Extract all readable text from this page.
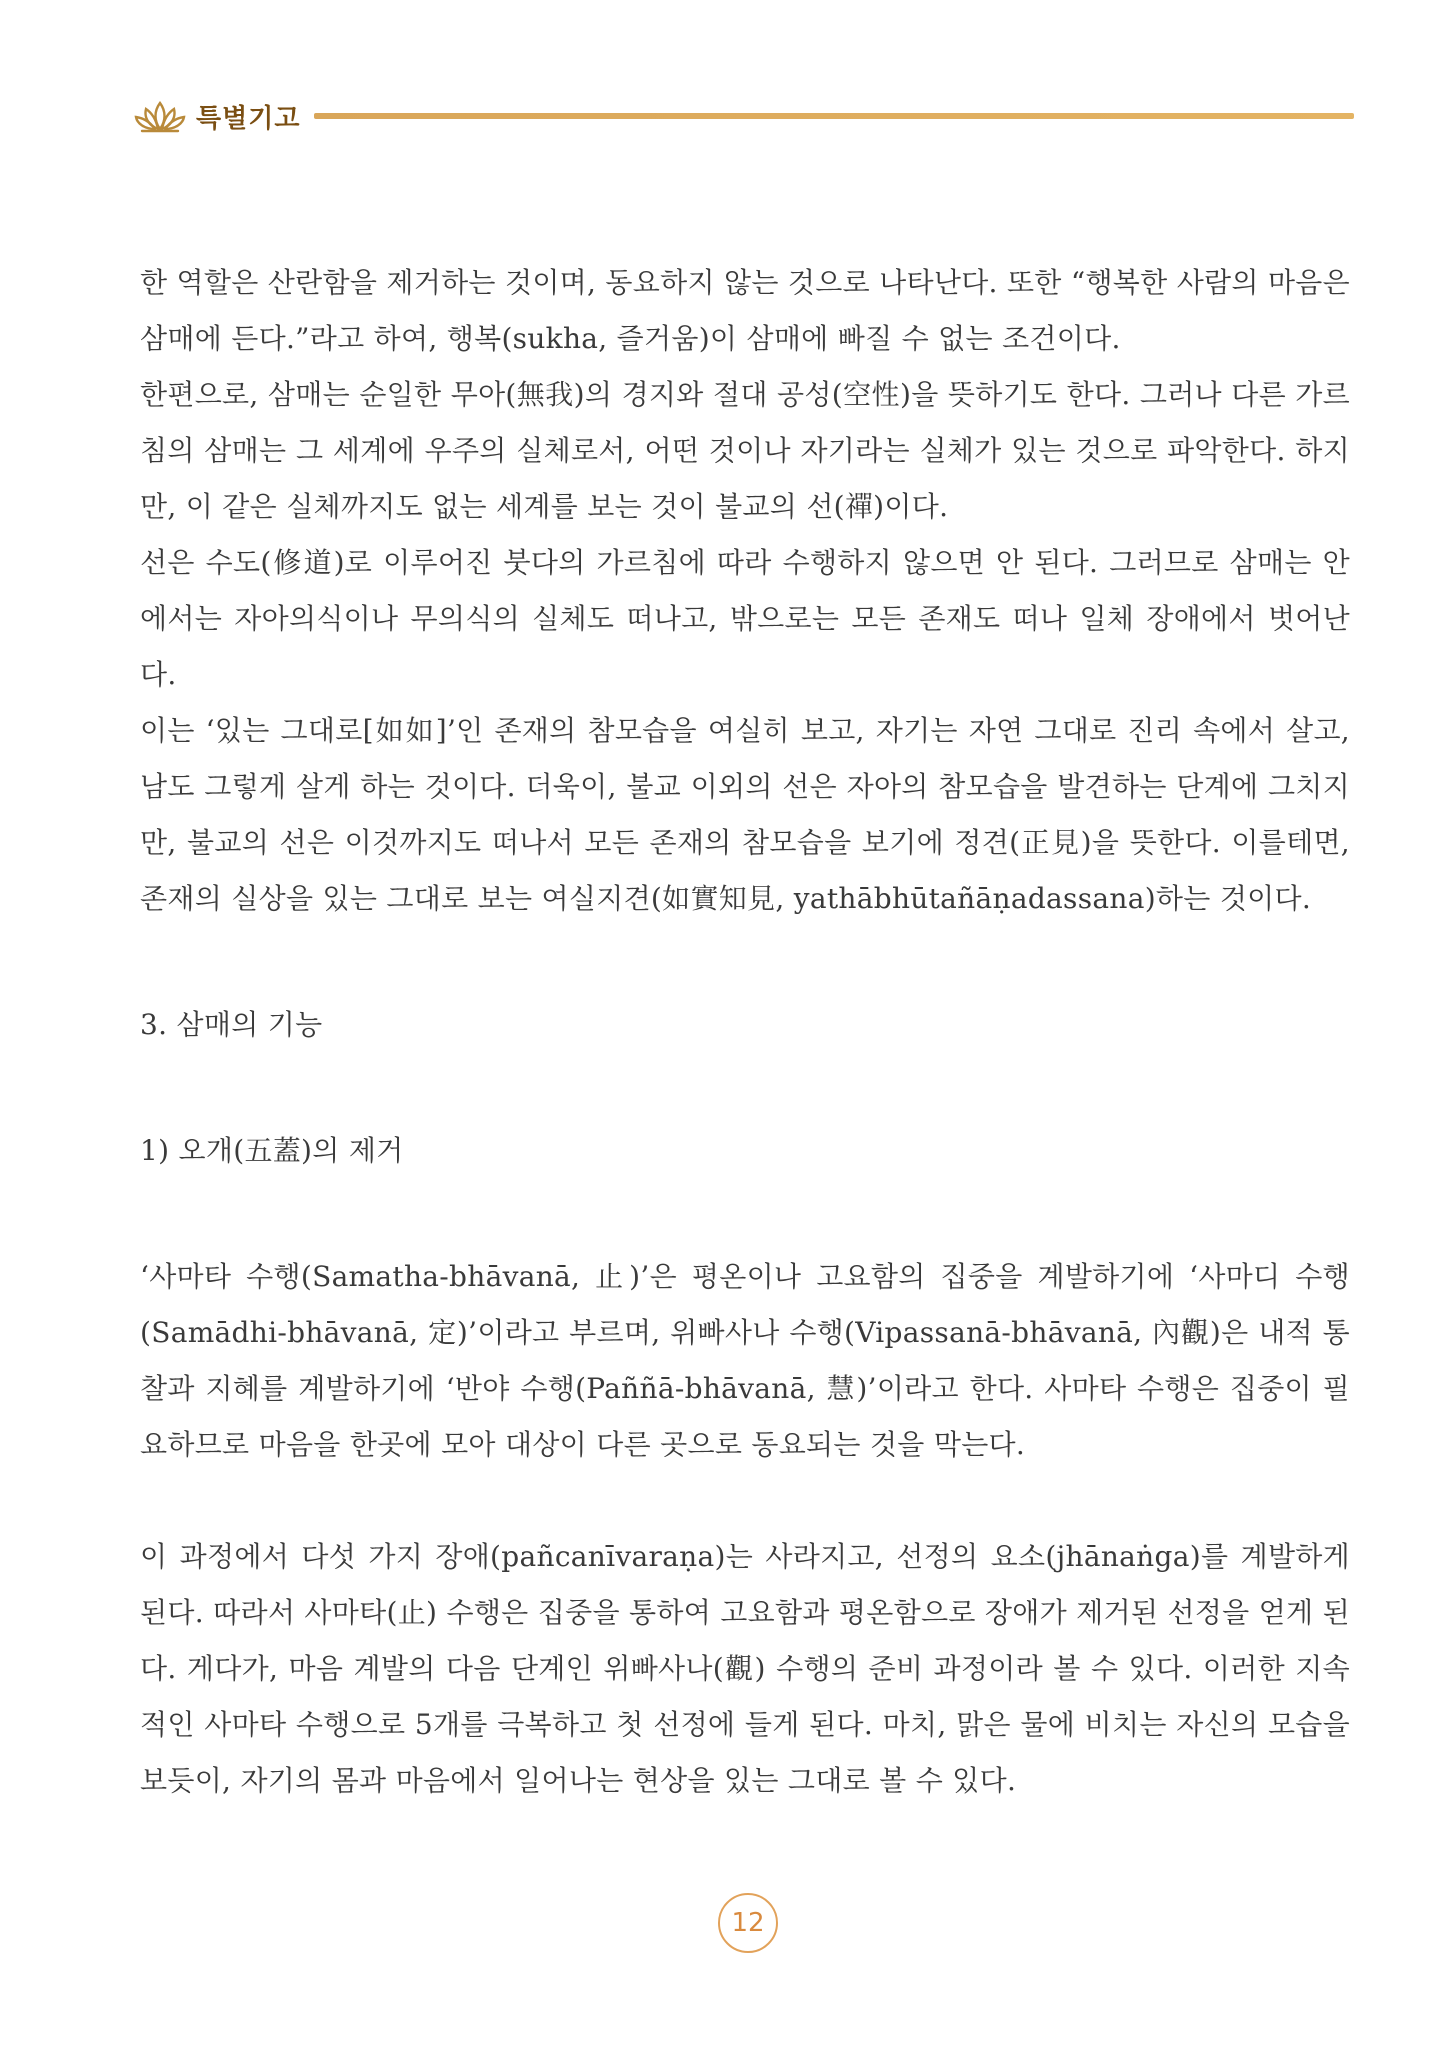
특별기고

한 역할은 산란함을 제거하는 것이며, 동요하지 않는 것으로 나타난다. 또한 “행복한 사람의 마음은 삼매에 든다.”라고 하여, 행복(sukha, 즐거움)이 삼매에 빠질 수 없는 조건이다.

한편으로, 삼매는 순일한 무아(無我)의 경지와 절대 공성(空性)을 뜻하기도 한다. 그러나 다른 가르침의 삼매는 그 세계에 우주의 실체로서, 어떤 것이나 자기라는 실체가 있는 것으로 파악한다. 하지만, 이 같은 실체까지도 없는 세계를 보는 것이 불교의 선(禪)이다.

선은 수도(修道)로 이루어진 붓다의 가르침에 따라 수행하지 않으면 안 된다. 그러므로 삼매는 안에서는 자아의식이나 무의식의 실체도 떠나고, 밖으로는 모든 존재도 떠나 일체 장애에서 벗어난다.

이는 ‘있는 그대로[如如]’인 존재의 참모습을 여실히 보고, 자기는 자연 그대로 진리 속에서 살고, 남도 그렇게 살게 하는 것이다. 더욱이, 불교 이외의 선은 자아의 참모습을 발견하는 단계에 그치지만, 불교의 선은 이것까지도 떠나서 모든 존재의 참모습을 보기에 정견(正見)을 뜻한다. 이를테면, 존재의 실상을 있는 그대로 보는 여실지견(如實知見, yathābhūtañāṇadassana)하는 것이다.

3. 삼매의 기능

1) 오개(五蓋)의 제거

‘사마타 수행(Samatha-bhāvanā, 止)’은 평온이나 고요함의 집중을 계발하기에 ‘사마디 수행(Samādhi-bhāvanā, 定)’이라고 부르며, 위빠사나 수행(Vipassanā-bhāvanā, 內觀)은 내적 통찰과 지혜를 계발하기에 ‘반야 수행(Paññā-bhāvanā, 慧)’이라고 한다. 사마타 수행은 집중이 필요하므로 마음을 한곳에 모아 대상이 다른 곳으로 동요되는 것을 막는다.

이 과정에서 다섯 가지 장애(pañcanīvaraṇa)는 사라지고, 선정의 요소(jhānaṅga)를 계발하게 된다. 따라서 사마타(止) 수행은 집중을 통하여 고요함과 평온함으로 장애가 제거된 선정을 얻게 된다. 게다가, 마음 계발의 다음 단계인 위빠사나(觀) 수행의 준비 과정이라 볼 수 있다. 이러한 지속적인 사마타 수행으로 5개를 극복하고 첫 선정에 들게 된다. 마치, 맑은 물에 비치는 자신의 모습을 보듯이, 자기의 몸과 마음에서 일어나는 현상을 있는 그대로 볼 수 있다.

12
